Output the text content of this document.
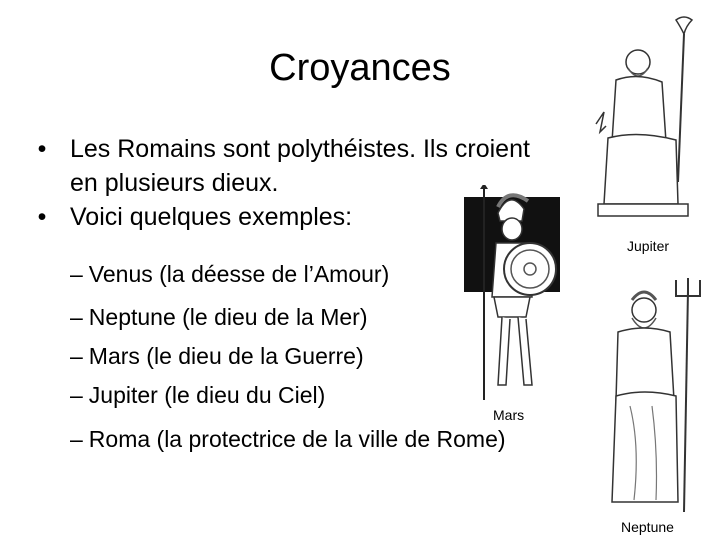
Croyances
• Les Romains sont polythéistes. Ils croient en plusieurs dieux.
• Voici quelques exemples:
– Venus (la déesse de l’Amour)
– Neptune (le dieu de la Mer)
– Mars (le dieu de la Guerre)
– Jupiter (le dieu du Ciel)
– Roma (la protectrice de la ville de Rome)
Mars
Jupiter
Neptune
